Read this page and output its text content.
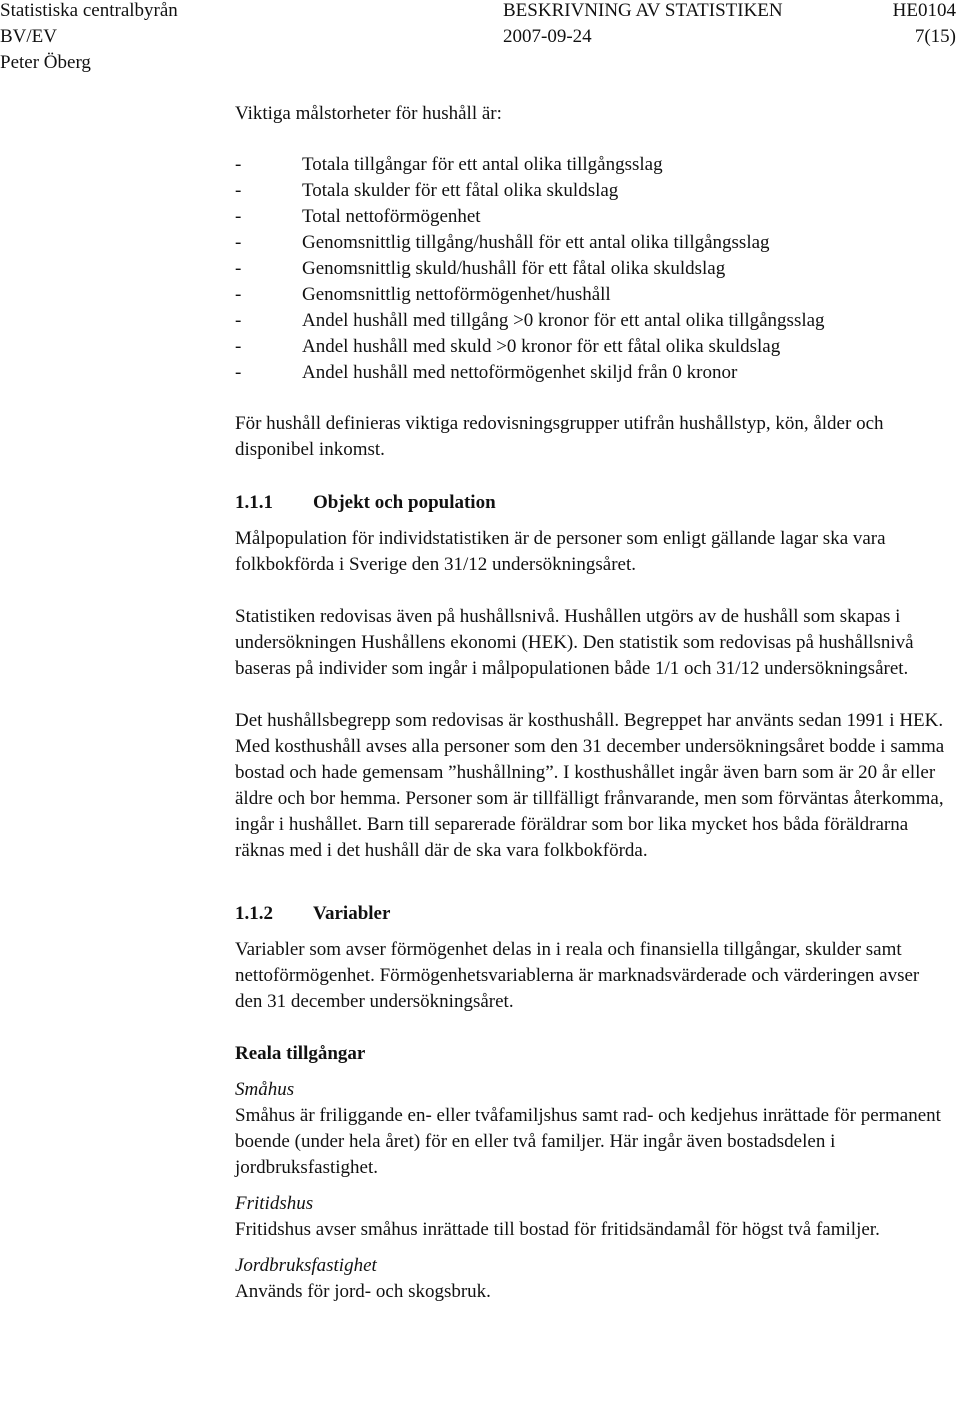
Statistiska centralbyrån
BV/EV
Peter Öberg
BESKRIVNING AV STATISTIKEN
2007-09-24
HE0104
7(15)

Viktiga målstorheter för hushåll är:

-	Totala tillgångar för ett antal olika tillgångsslag
-	Totala skulder för ett fåtal olika skuldslag
-	Total nettoförmögenhet
-	Genomsnittlig tillgång/hushåll för ett antal olika tillgångsslag
-	Genomsnittlig skuld/hushåll för ett fåtal olika skuldslag
-	Genomsnittlig nettoförmögenhet/hushåll
-	Andel hushåll med tillgång >0 kronor för ett antal olika tillgångsslag
-	Andel hushåll med skuld >0 kronor för ett fåtal olika skuldslag
-	Andel hushåll med nettoförmögenhet skiljd från 0 kronor

För hushåll definieras viktiga redovisningsgrupper utifrån hushållstyp, kön, ålder och disponibel inkomst.

1.1.1 Objekt och population

Målpopulation för individstatistiken är de personer som enligt gällande lagar ska vara folkbokförda i Sverige den 31/12 undersökningsåret.

Statistiken redovisas även på hushållsnivå. Hushållen utgörs av de hushåll som skapas i undersökningen Hushållens ekonomi (HEK). Den statistik som redovisas på hushållsnivå baseras på individer som ingår i målpopulationen både 1/1 och 31/12 undersökningsåret.

Det hushållsbegrepp som redovisas är kosthushåll. Begreppet har använts sedan 1991 i HEK. Med kosthushåll avses alla personer som den 31 december undersökningsåret bodde i samma bostad och hade gemensam ”hushållning”. I kosthushållet ingår även barn som är 20 år eller äldre och bor hemma. Personer som är tillfälligt frånvarande, men som förväntas återkomma, ingår i hushållet. Barn till separerade föräldrar som bor lika mycket hos båda föräldrarna räknas med i det hushåll där de ska vara folkbokförda.

1.1.2 Variabler

Variabler som avser förmögenhet delas in i reala och finansiella tillgångar, skulder samt nettoförmögenhet. Förmögenhetsvariablerna är marknadsvärderade och värderingen avser den 31 december undersökningsåret.

Reala tillgångar
Småhus

Småhus är friliggande en- eller tvåfamiljshus samt rad- och kedjehus inrättade för permanent boende (under hela året) för en eller två familjer. Här ingår även bostadsdelen i jordbruksfastighet.

Fritidshus

Fritidshus avser småhus inrättade till bostad för fritidsändamål för högst två familjer.

Jordbruksfastighet

Används för jord- och skogsbruk.
